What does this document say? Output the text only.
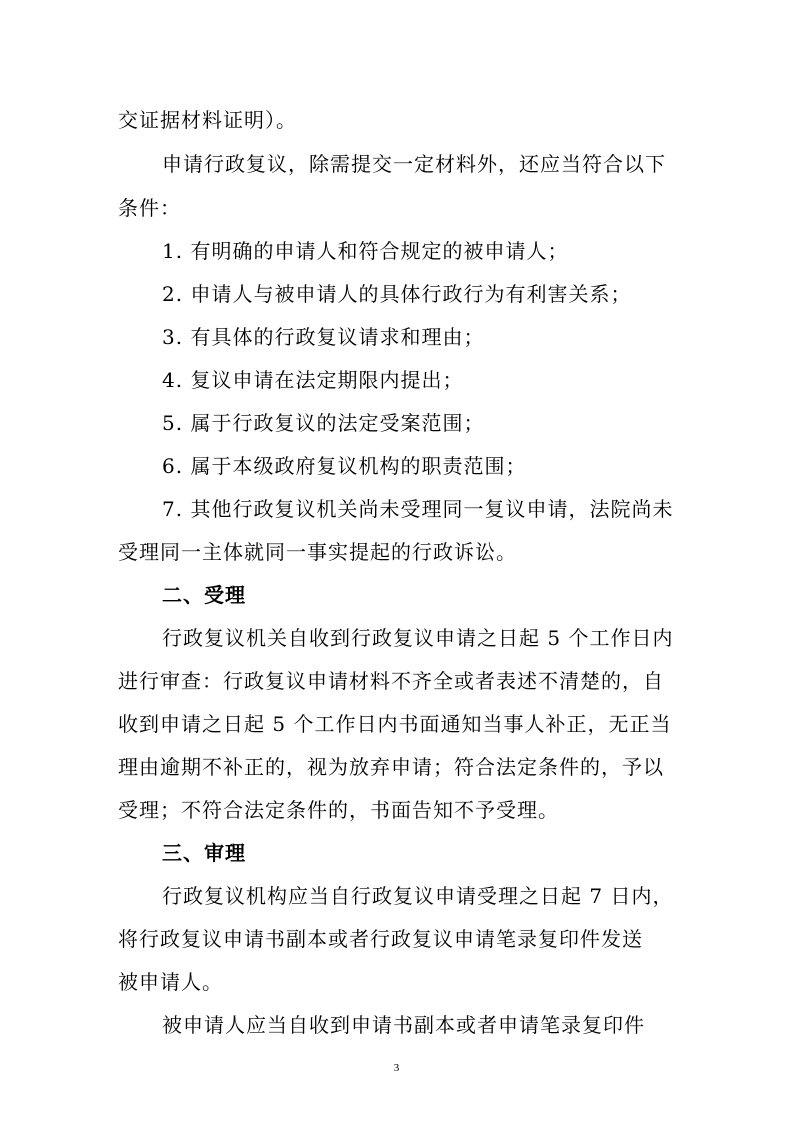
交证据材料证明）。
申请行政复议，除需提交一定材料外，还应当符合以下
条件：
1. 有明确的申请人和符合规定的被申请人；
2. 申请人与被申请人的具体行政行为有利害关系；
3. 有具体的行政复议请求和理由；
4. 复议申请在法定期限内提出；
5. 属于行政复议的法定受案范围；
6. 属于本级政府复议机构的职责范围；
7. 其他行政复议机关尚未受理同一复议申请，法院尚未
受理同一主体就同一事实提起的行政诉讼。
二、受理
行政复议机关自收到行政复议申请之日起 5 个工作日内
进行审查：行政复议申请材料不齐全或者表述不清楚的，自
收到申请之日起 5 个工作日内书面通知当事人补正，无正当
理由逾期不补正的，视为放弃申请；符合法定条件的，予以
受理；不符合法定条件的，书面告知不予受理。
三、审理
行政复议机构应当自行政复议申请受理之日起 7 日内，
将行政复议申请书副本或者行政复议申请笔录复印件发送
被申请人。
被申请人应当自收到申请书副本或者申请笔录复印件
3
